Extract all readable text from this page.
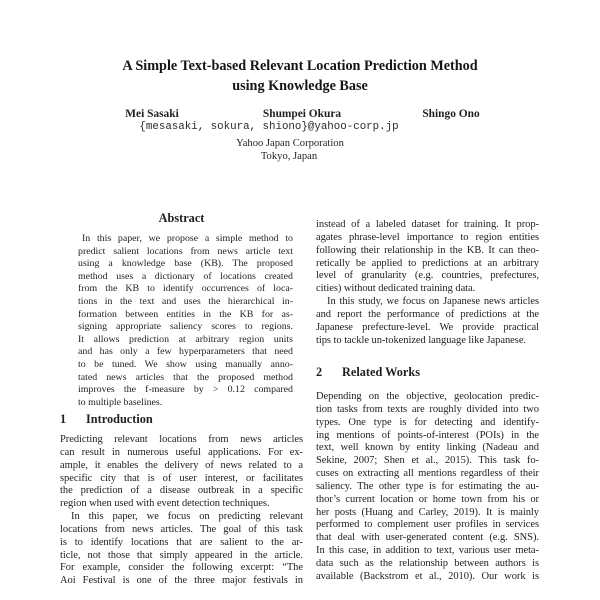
A Simple Text-based Relevant Location Prediction Method
using Knowledge Base
Mei Sasaki	Shumpei Okura	Shingo Ono
{mesasaki, sokura, shiono}@yahoo-corp.jp
Yahoo Japan Corporation
Tokyo, Japan
Abstract
In this paper, we propose a simple method to
predict salient locations from news article text
using a knowledge base (KB). The proposed
method uses a dictionary of locations created
from the KB to identify occurrences of loca-
tions in the text and uses the hierarchical in-
formation between entities in the KB for as-
signing appropriate saliency scores to regions.
It allows prediction at arbitrary region units
and has only a few hyperparameters that need
to be tuned. We show using manually anno-
tated news articles that the proposed method
improves the f-measure by > 0.12 compared
to multiple baselines.
1 Introduction
Predicting relevant locations from news articles
can result in numerous useful applications. For ex-
ample, it enables the delivery of news related to a
specific city that is of user interest, or facilitates
the prediction of a disease outbreak in a specific
region when used with event detection techniques.
In this paper, we focus on predicting relevant
locations from news articles. The goal of this task
is to identify locations that are salient to the ar-
ticle, not those that simply appeared in the article.
For example, consider the following excerpt: “The
Aoi Festival is one of the three major festivals in
instead of a labeled dataset for training. It prop-
agates phrase-level importance to region entities
following their relationship in the KB. It can theo-
retically be applied to predictions at an arbitrary
level of granularity (e.g. countries, prefectures,
cities) without dedicated training data.
In this study, we focus on Japanese news articles
and report the performance of predictions at the
Japanese prefecture-level. We provide practical
tips to tackle un-tokenized language like Japanese.
2 Related Works
Depending on the objective, geolocation predic-
tion tasks from texts are roughly divided into two
types. One type is for detecting and identify-
ing mentions of points-of-interest (POIs) in the
text, well known by entity linking (Nadeau and
Sekine, 2007; Shen et al., 2015). This task fo-
cuses on extracting all mentions regardless of their
saliency. The other type is for estimating the au-
thor’s current location or home town from his or
her posts (Huang and Carley, 2019). It is mainly
performed to complement user profiles in services
that deal with user-generated content (e.g. SNS).
In this case, in addition to text, various user meta-
data such as the relationship between authors is
available (Backstrom et al., 2010). Our work is
